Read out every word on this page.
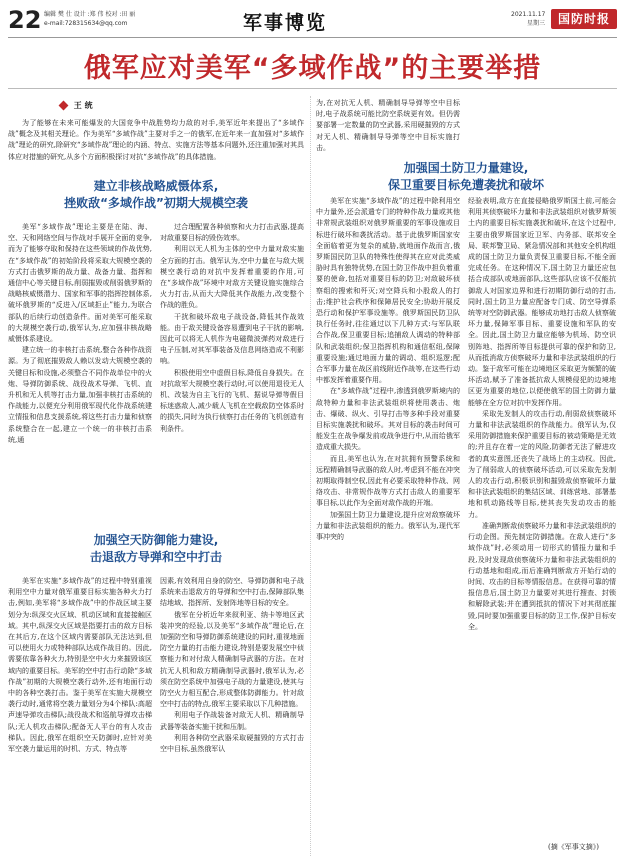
22 编辑 樊 仕 设计 :郑 伟 校对 :田 丽
e-mail:728315634@qq.com	军事博览	2021.11.17
星期三	国防时报
俄军应对美军“多域作战”的主要举措
王 统

为了能够在未来可能爆发的大国竞争中战胜势均力敌的对手,美军近年来提出了“多域作战”概念及其相关理论。作为美军“多域作战”主要对手之一的俄军,在近年来一直加强对“多域作战”理论的研究,除研究“多域作战”理论的内涵、特点、实施方法等基本问题外,还注重加强对其具体应对措施的研究,从多个方面积极探讨对抗“多域作战”的具体措施。

为,在对抗无人机、精确制导导弹等空中目标时,电子战系统可能比防空系统更有效。但仍需要部署一定数量的防空武器,采用硬摧毁的方式对无人机、精确制导导弹等空中目标实施打击。

建立非核战略威慑体系,
挫败敌“多域作战”初期大规模空袭
加强国土防卫力量建设,
保卫重要目标免遭袭扰和破坏

美军“多域作战”理论主要是在陆、海、空、天和网络空间与作战对手展开全面的竞争,而为了能够夺取和保持在这些领域的作战优势,在“多域作战”的初始阶段将采取大规模空袭的方式打击俄罗斯的战力量、战备力量、指挥和通信中心等关键目标,削弱摧毁或削弱俄罗斯的战略核威慑潜力、国家和军事的指挥控制体系,破坏俄罗斯的“反进入/区域拒止”能力,为联合部队的后续行动创造条件。面对美军可能采取的大规模空袭行动,俄军认为,应加强非核战略威慑体系建设。

建立统一的非核打击系统,整合各种作战资源。为了彻底摧毁敌人赖以发动大规模空袭的关键目标和设施,必须整合不同作战单位中的火炮、导弹防御系统、战役战术导弹、飞机、直升机和无人机等打击力量,加强非核打击系统的作战能力,以便充分利用俄军现代化作战系统建立情报和信息支援系统,将这些打击力量和侦察系统整合在一起,建立一个统一的非核打击系统,通

过合理配置各种侦察和火力打击武器,提高对敌重要目标的毁伤效率。

利用以无人机为主体的空中力量对敌实施全方面的打击。俄军认为,空中力量在与敌大规模空袭行动的对抗中发挥着重要的作用,可在“多域作战”环境中对敌方关键设施实施综合火力打击,从而大大降低其作战能力,改变整个作战的胜负。

干扰和破坏敌电子战设备,降低其作战效能。由于敌关键设备容易遭到电子干扰的影响,因此可以将无人机作为电磁微波弹药对敌进行电子压制,对其军事装备及信息网络造成不利影响。

积极使用空中虚假目标,降低自身损失。在对抗敌军大规模空袭行动时,可以使用退役无人机、改装为自主飞行的飞机、据说导弹等假目标迷惑敌人,减少载人飞机在空载敌防空体系时的损失,同时为执行侦察打击任务的飞机创造有利条件。

加强空天防御能力建设,
击退敌方导弹和空中打击

美军在实施“多域作战”的过程中特别重视利用空中力量对俄军重要目标实施各种火力打击,例如,美军将“多域作战”中的作战区域主要划分为:纵深交火区域、机动区域和直接接触区域。其中,纵深交火区域是指要打击的敌方目标在其后方,在这个区域内需要部队无法达到,但可以使用火力或特种部队达成作战目的。因此,需要依靠各种火力,特别是空中火力来摧毁该区域内的重要目标。美军的空中打击行动除“多域作战”初期的大规模空袭行动外,还有地面行动中的各种空袭打击。鉴于美军在实施大规模空袭行动时,通常将空袭力量划分为4个梯队:高超声速导弹攻击梯队;战役战术和巡航导弹攻击梯队;无人机攻击梯队;配备无人平台的有人攻击梯队。因此,俄军在组织空天防御时,应针对美军空袭力量运用的时机、方式、特点等

因素,有效利用自身的防空、导弹防御和电子战系统来击退敌方的导弹和空中打击,保障部队集结地域、指挥所、发射阵地等目标的安全。

俄军在分析近年来叙利亚、纳卡等地区武装冲突的经验,以及美军“多域作战”理论后,在加强防空和导弹防御系统建设的同时,重视地面防空力量的打击能力建设,特别是要发展空中侦察能力和对付敌人精确制导武器的方法。在对抗无人机和敌方精确制导武器时,俄军认为,必须在防空系统中加强电子战的力量建设,使其与防空火力相互配合,形成整体防御能力。针对敌空中打击的特点,俄军主要采取以下几种措施。

利用电子作战装备对敌无人机、精确制导武器等装备实施干扰和压制。

利用各种防空武器采取硬摧毁的方式打击空中目标,虽然俄军认

美军在实施“多域作战”的过程中除利用空中力量外,还会派遣专门的特种作战力量或其他非常规武装组织对俄罗斯重要的军事设施或目标进行破坏和袭扰活动。基于此俄罗斯国家安全面临着更为复杂的威胁,就地面作战而言,俄罗斯国民防卫队的特殊性使得其在应对此类威胁时具有独特优势,在国土防卫作战中担负着重要的使命,包括对重要目标的防卫;对敌破坏侦察组的搜索和歼灭;对空降兵和小股敌人的打击;维护社会秩序和保障居民安全;协助开展反恐行动和保护军事设施等。俄罗斯国民防卫队执行任务时,往往通过以下几种方式:与军队联合作战,保卫重要目标;追捕敌人调动的特种部队和武装组织;保卫指挥机构和通信枢纽,保障重要设施;通过地面力量的调动、组织巡逻;配合军事力量在战区前线附近作战等,在这些行动中都发挥着重要作用。

在“多域作战”过程中,渗透到俄罗斯境内的敌特种力量和非法武装组织将使用袭击、炮击、爆破、纵火、引导打击等多种手段对重要目标实施袭扰和破坏。其对目标的袭击时间可能发生在战争爆发前或战争进行中,从而给俄军造成重大损失。

而且,美军也认为,在对抗拥有预警系统和远程精确制导武器的敌人时,考虑到不能在冲突初期取得制空权,因此有必要采取特种作战、网络攻击、非常规作战等方式打击敌人的重要军事目标,以此作为全面对敌作战的开端。

加强国土防卫力量建设,提升应对敌察破坏力量和非法武装组织的能力。俄军认为,现代军事冲突的

经验表明,敌方在直接侵略俄罗斯国土前,可能会利用其侦察破坏力量和非法武装组织对俄罗斯领土内的重要目标实施袭扰和破坏,在这个过程中,主要由俄罗斯国家近卫军、内务部、联邦安全局、联邦警卫局、紧急情况部和其他安全机构组成的国土防卫力量负责保卫重要目标,不能全面完成任务。在这种情况下,国土防卫力量还应包括合成部队或地面部队,这些部队应该不仅能抗御敌人对国家边界和进行初期防御行动的打击,同时,国土防卫力量应配备专门成、防空导弹系统等对空防御武器。能够成功地打击敌人侦察破坏力量,保障军事目标、重要设施和军队的安全。因此,国土防卫力量应能够为机场、防空识别阵地、指挥所等目标提供可靠的保护和防卫,从而抵消敌方侦察破坏力量和非法武装组织的行动。鉴于敌军可能在边境地区采取更为频繁的破坏活动,赋予了准备抵抗敌人规模侵犯的边境地区更为重要的地位,以便使俄军的国土防御力量能够在全方位对抗中发挥作用。

采取先发制人的攻击行动,削弱敌侦察破坏力量和非法武装组织的作战能力。俄军认为,仅采用防御措施来保护重要目标的被动策略是无效的;并且存在着一定的风险,防御者无法了解进攻者的真实意图,还丧失了战场上的主动权。因此,为了削弱敌人的侦察破坏活动,可以采取先发制人的攻击行动,积极识别和摧毁敌侦察破坏力量和非法武装组织的集结区域、训练营地、部署基地和机动路线等目标,使其丧失发动攻击的能力。

准确判断敌侦察破坏力量和非法武装组织的行动企图。预先制定防御措施。在敌人进行“多域作战”时,必须动用一切形式的情报力量和手段,及时发现敌侦察破坏力量和非法武装组织的行动基地和组成,而后准确判断敌方开始行动的时间、攻击的目标等情报信息。在获得可靠的情报信息后,国土防卫力量要对其进行搜查、封锁和解除武装;并在遭到抵抗的情况下对其彻底摧毁,同时要加强重要目标的防卫工作,保护目标安全。

(摘《军事文摘》)
